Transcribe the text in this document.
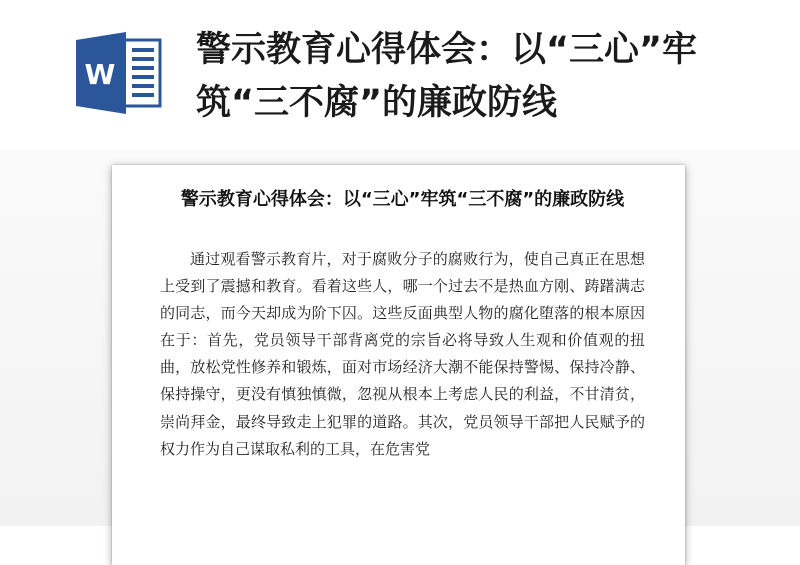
W
警示教育心得体会：以“三心”牢筑“三不腐”的廉政防线
警示教育心得体会：以“三心”牢筑“三不腐”的廉政防线

通过观看警示教育片，对于腐败分子的腐败行为，使自己真正在思想上受到了震撼和教育。看着这些人，哪一个过去不是热血方刚、踌躇满志的同志，而今天却成为阶下囚。这些反面典型人物的腐化堕落的根本原因在于：首先，党员领导干部背离党的宗旨必将导致人生观和价值观的扭曲，放松党性修养和锻炼，面对市场经济大潮不能保持警惕、保持冷静、保持操守，更没有慎独慎微，忽视从根本上考虑人民的利益，不甘清贫，崇尚拜金，最终导致走上犯罪的道路。其次，党员领导干部把人民赋予的权力作为自己谋取私利的工具，在危害党
